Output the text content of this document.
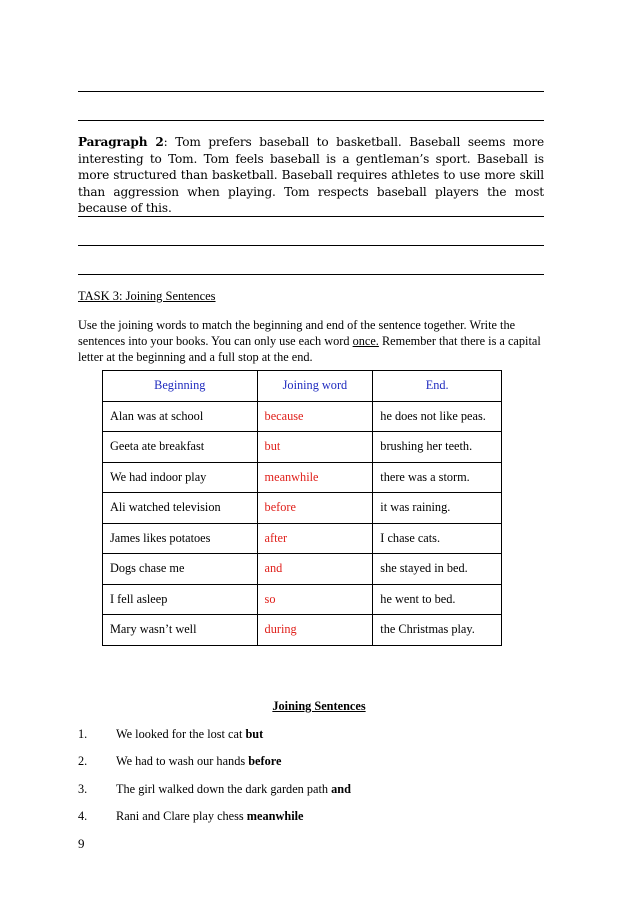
Paragraph 2: Tom prefers baseball to basketball. Baseball seems more interesting to Tom. Tom feels baseball is a gentleman’s sport. Baseball is more structured than basketball. Baseball requires athletes to use more skill than aggression when playing. Tom respects baseball players the most because of this.
TASK 3: Joining Sentences
Use the joining words to match the beginning and end of the sentence together. Write the sentences into your books. You can only use each word once. Remember that there is a capital letter at the beginning and a full stop at the end.
Beginning	Joining word	End.
Alan was at school	because	he does not like peas.
Geeta ate breakfast	but	brushing her teeth.
We had indoor play	meanwhile	there was a storm.
Ali watched television	before	it was raining.
James likes potatoes	after	I chase cats.
Dogs chase me	and	she stayed in bed.
I fell asleep	so	he went to bed.
Mary wasn’t well	during	the Christmas play.
Joining Sentences
1. We looked for the lost cat but
2. We had to wash our hands before
3. The girl walked down the dark garden path and
4. Rani and Clare play chess meanwhile
9
